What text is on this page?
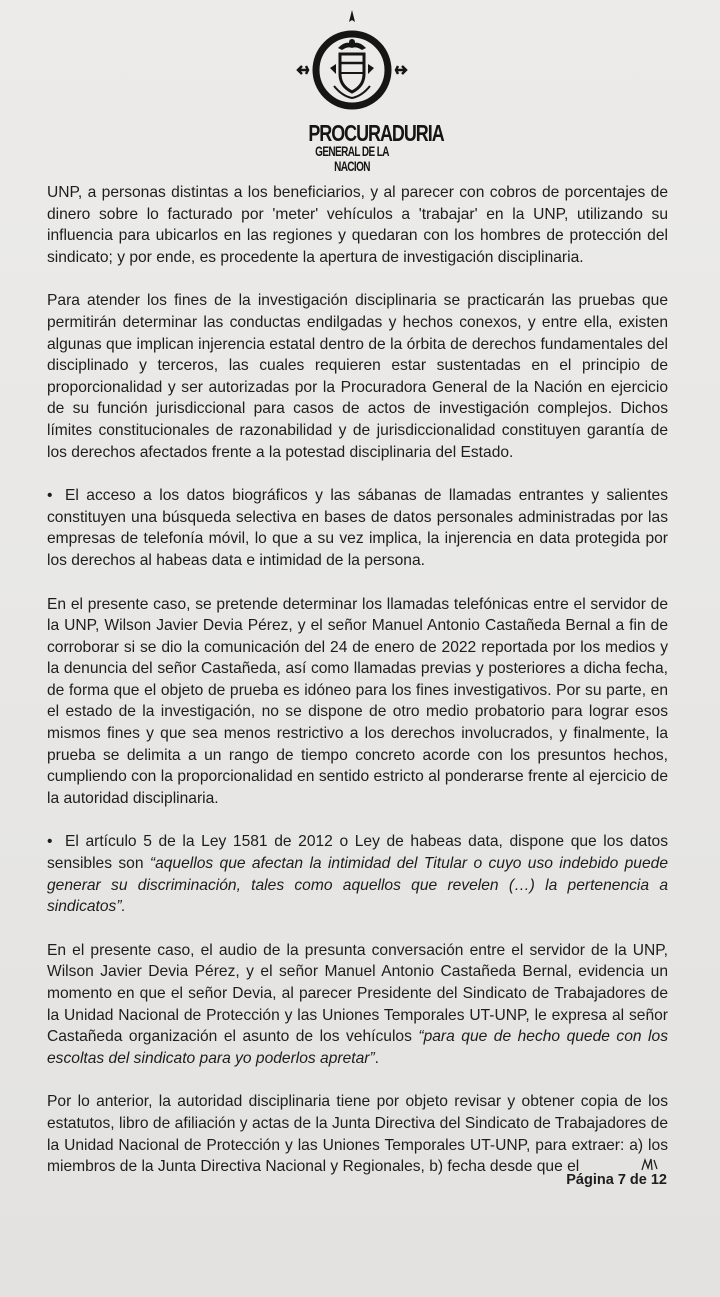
PROCURADURIA
GENERAL DE LA NACION

UNP, a personas distintas a los beneficiarios, y al parecer con cobros de porcentajes de dinero sobre lo facturado por 'meter' vehículos a 'trabajar' en la UNP, utilizando su influencia para ubicarlos en las regiones y quedaran con los hombres de protección del sindicato; y por ende, es procedente la apertura de investigación disciplinaria.

Para atender los fines de la investigación disciplinaria se practicarán las pruebas que permitirán determinar las conductas endilgadas y hechos conexos, y entre ella, existen algunas que implican injerencia estatal dentro de la órbita de derechos fundamentales del disciplinado y terceros, las cuales requieren estar sustentadas en el principio de proporcionalidad y ser autorizadas por la Procuradora General de la Nación en ejercicio de su función jurisdiccional para casos de actos de investigación complejos. Dichos límites constitucionales de razonabilidad y de jurisdiccionalidad constituyen garantía de los derechos afectados frente a la potestad disciplinaria del Estado.

• El acceso a los datos biográficos y las sábanas de llamadas entrantes y salientes constituyen una búsqueda selectiva en bases de datos personales administradas por las empresas de telefonía móvil, lo que a su vez implica, la injerencia en data protegida por los derechos al habeas data e intimidad de la persona.

En el presente caso, se pretende determinar los llamadas telefónicas entre el servidor de la UNP, Wilson Javier Devia Pérez, y el señor Manuel Antonio Castañeda Bernal a fin de corroborar si se dio la comunicación del 24 de enero de 2022 reportada por los medios y la denuncia del señor Castañeda, así como llamadas previas y posteriores a dicha fecha, de forma que el objeto de prueba es idóneo para los fines investigativos. Por su parte, en el estado de la investigación, no se dispone de otro medio probatorio para lograr esos mismos fines y que sea menos restrictivo a los derechos involucrados, y finalmente, la prueba se delimita a un rango de tiempo concreto acorde con los presuntos hechos, cumpliendo con la proporcionalidad en sentido estricto al ponderarse frente al ejercicio de la autoridad disciplinaria.

• El artículo 5 de la Ley 1581 de 2012 o Ley de habeas data, dispone que los datos sensibles son “aquellos que afectan la intimidad del Titular o cuyo uso indebido puede generar su discriminación, tales como aquellos que revelen (…) la pertenencia a sindicatos”.

En el presente caso, el audio de la presunta conversación entre el servidor de la UNP, Wilson Javier Devia Pérez, y el señor Manuel Antonio Castañeda Bernal, evidencia un momento en que el señor Devia, al parecer Presidente del Sindicato de Trabajadores de la Unidad Nacional de Protección y las Uniones Temporales UT-UNP, le expresa al señor Castañeda organización el asunto de los vehículos “para que de hecho quede con los escoltas del sindicato para yo poderlos apretar”.

Por lo anterior, la autoridad disciplinaria tiene por objeto revisar y obtener copia de los estatutos, libro de afiliación y actas de la Junta Directiva del Sindicato de Trabajadores de la Unidad Nacional de Protección y las Uniones Temporales UT-UNP, para extraer: a) los miembros de la Junta Directiva Nacional y Regionales, b) fecha desde que el

Página 7 de 12
